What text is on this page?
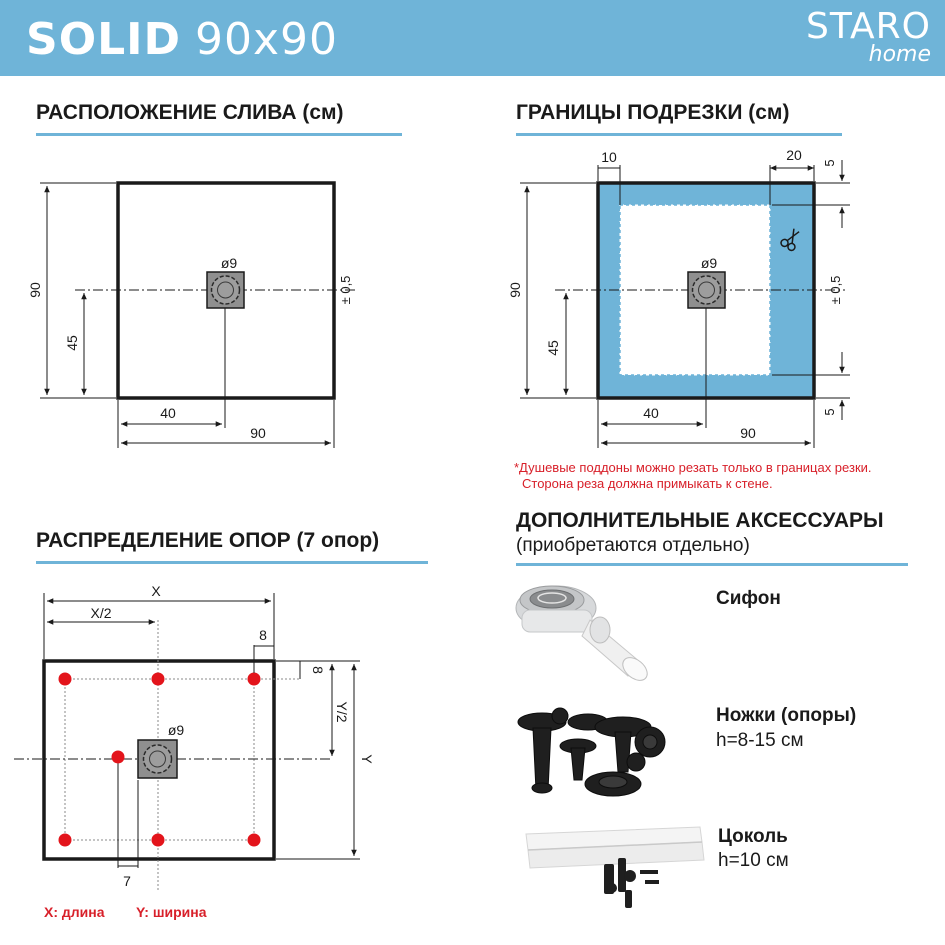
SOLID 90x90	STARO
home
РАСПОЛОЖЕНИЕ СЛИВА (см)	ГРАНИЦЫ ПОДРЕЗКИ (см)
РАСПРЕДЕЛЕНИЕ ОПОР (7 опор)
ДОПОЛНИТЕЛЬНЫЕ АКСЕССУАРЫ
(приобретаются отдельно)
ø9
± 0,5
90
45
40
90
ø9
10	20 5
± 0,5
5
90
45
40
90
ø9
7
X
X/2
8
8
Y/2
Y
*Душевые поддоны можно резать только в границах резки.
Сторона реза должна примыкать к стене.
Сифон
Ножки (опоры)
h=8-15 см
Цоколь
h=10 см
X: длина Y: ширина
